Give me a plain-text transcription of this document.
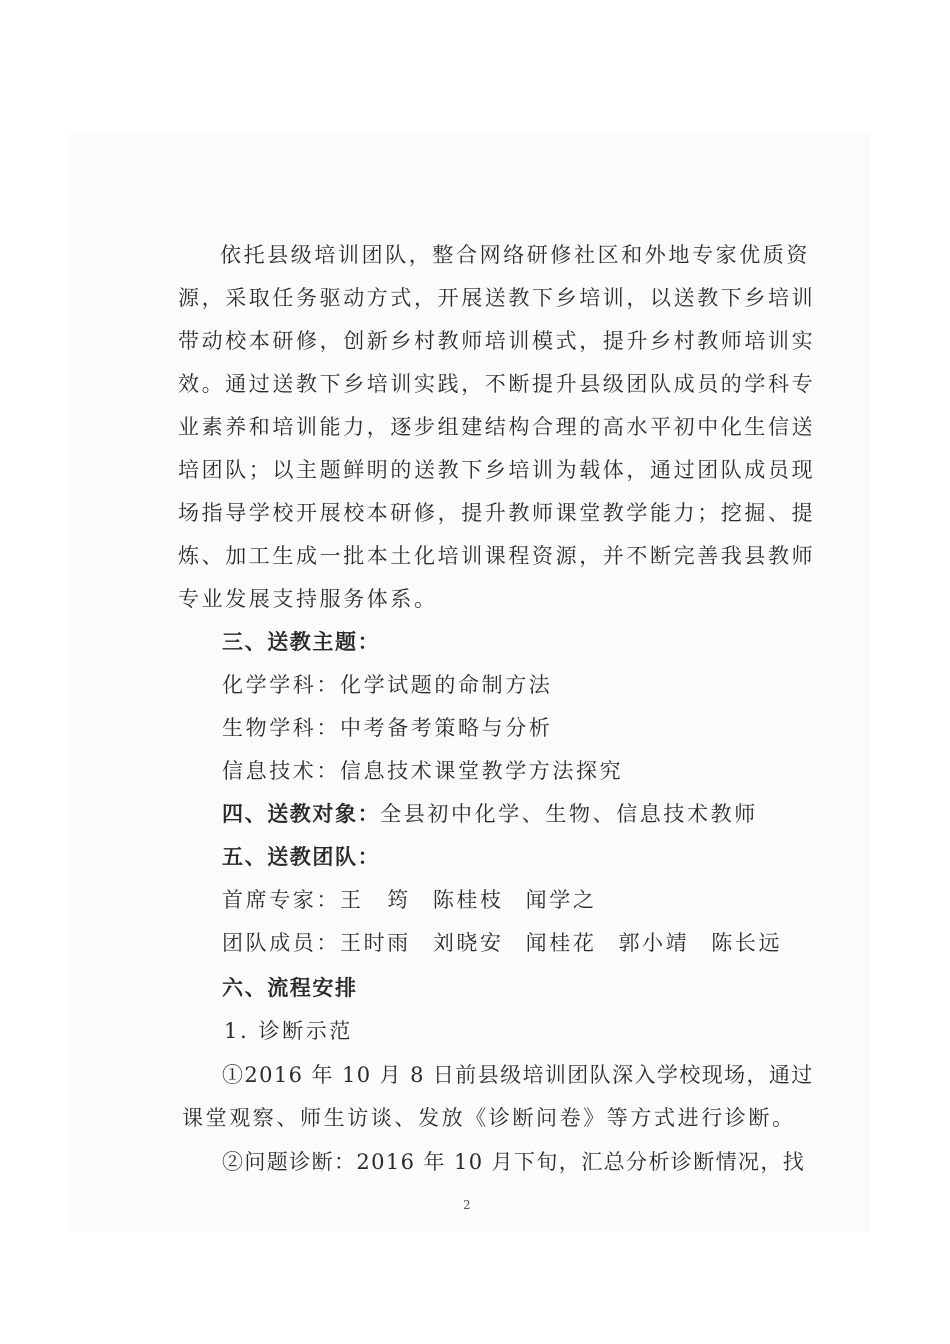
依托县级培训团队，整合网络研修社区和外地专家优质资
源，采取任务驱动方式，开展送教下乡培训，以送教下乡培训
带动校本研修，创新乡村教师培训模式，提升乡村教师培训实
效。通过送教下乡培训实践，不断提升县级团队成员的学科专
业素养和培训能力，逐步组建结构合理的高水平初中化生信送
培团队；以主题鲜明的送教下乡培训为载体，通过团队成员现
场指导学校开展校本研修，提升教师课堂教学能力；挖掘、提
炼、加工生成一批本土化培训课程资源，并不断完善我县教师
专业发展支持服务体系。
三、送教主题：
化学学科：化学试题的命制方法
生物学科：中考备考策略与分析
信息技术：信息技术课堂教学方法探究
四、送教对象：全县初中化学、生物、信息技术教师
五、送教团队：
首席专家：王　筠 陈桂枝 闻学之
团队成员：王时雨 刘晓安 闻桂花 郭小靖 陈长远
六、流程安排
1. 诊断示范
①2016 年 10 月 8 日前县级培训团队深入学校现场，通过
课堂观察、师生访谈、发放《诊断问卷》等方式进行诊断。
②问题诊断：2016 年 10 月下旬，汇总分析诊断情况，找
2
